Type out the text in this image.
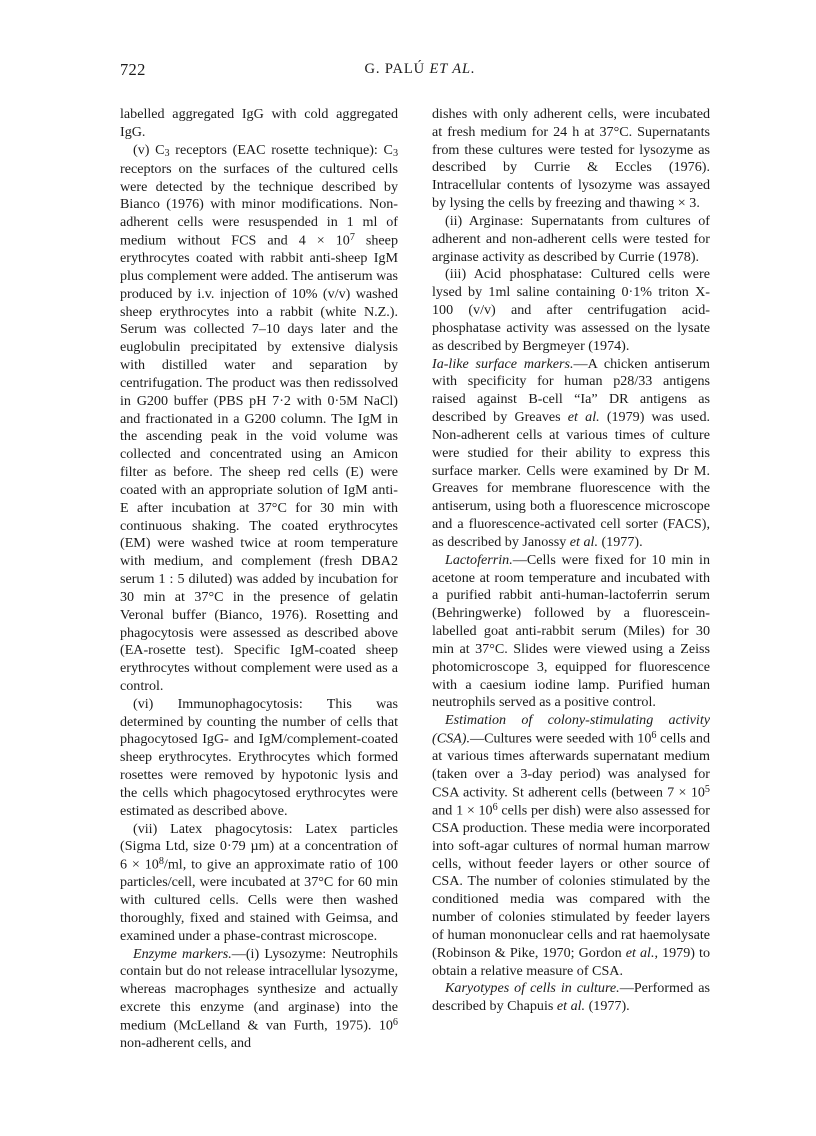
722	G. PALÚ ET AL.

labelled aggregated IgG with cold aggregated IgG.

(v) $C_3$ receptors (EAC rosette technique): $C_3$ receptors on the surfaces of the cultured cells were detected by the technique described by Bianco (1976) with minor modifications. Non-adherent cells were resuspended in 1 ml of medium without FCS and $4 \times 10^7$ sheep erythrocytes coated with rabbit anti-sheep IgM plus complement were added. The antiserum was produced by i.v. injection of 10% (v/v) washed sheep erythrocytes into a rabbit (white N.Z.). Serum was collected 7–10 days later and the euglobulin precipitated by extensive dialysis with distilled water and separation by centrifugation. The product was then redissolved in G200 buffer (PBS pH 7·2 with 0·5M NaCl) and fractionated in a G200 column. The IgM in the ascending peak in the void volume was collected and concentrated using an Amicon filter as before. The sheep red cells (E) were coated with an appropriate solution of IgM anti-E after incubation at 37°C for 30 min with continuous shaking. The coated erythrocytes (EM) were washed twice at room temperature with medium, and complement (fresh DBA2 serum 1 : 5 diluted) was added by incubation for 30 min at 37°C in the presence of gelatin Veronal buffer (Bianco, 1976). Rosetting and phagocytosis were assessed as described above (EA-rosette test). Specific IgM-coated sheep erythrocytes without complement were used as a control.

(vi) Immunophagocytosis: This was determined by counting the number of cells that phagocytosed IgG- and IgM/complement-coated sheep erythrocytes. Erythrocytes which formed rosettes were removed by hypotonic lysis and the cells which phagocytosed erythrocytes were estimated as described above.

(vii) Latex phagocytosis: Latex particles (Sigma Ltd, size 0·79 µm) at a concentration of $6 \times 10^8/ml$, to give an approximate ratio of 100 particles/cell, were incubated at 37°C for 60 min with cultured cells. Cells were then washed thoroughly, fixed and stained with Geimsa, and examined under a phase-contrast microscope.

Enzyme markers.—(i) Lysozyme: Neutrophils contain but do not release intracellular lysozyme, whereas macrophages synthesize and actually excrete this enzyme (and arginase) into the medium (McLelland & van Furth, 1975). $10^6$ non-adherent cells, and

dishes with only adherent cells, were incubated at fresh medium for 24 h at 37°C. Supernatants from these cultures were tested for lysozyme as described by Currie & Eccles (1976). Intracellular contents of lysozyme was assayed by lysing the cells by freezing and thawing × 3.

(ii) Arginase: Supernatants from cultures of adherent and non-adherent cells were tested for arginase activity as described by Currie (1978).

(iii) Acid phosphatase: Cultured cells were lysed by 1ml saline containing 0·1% triton X-100 (v/v) and after centrifugation acid-phosphatase activity was assessed on the lysate as described by Bergmeyer (1974).

Ia-like surface markers.—A chicken antiserum with specificity for human p28/33 antigens raised against B-cell “Ia” DR antigens as described by Greaves et al. (1979) was used. Non-adherent cells at various times of culture were studied for their ability to express this surface marker. Cells were examined by Dr M. Greaves for membrane fluorescence with the antiserum, using both a fluorescence microscope and a fluorescence-activated cell sorter (FACS), as described by Janossy et al. (1977).

Lactoferrin.—Cells were fixed for 10 min in acetone at room temperature and incubated with a purified rabbit anti-human-lactoferrin serum (Behringwerke) followed by a fluorescein-labelled goat anti-rabbit serum (Miles) for 30 min at 37°C. Slides were viewed using a Zeiss photomicroscope 3, equipped for fluorescence with a caesium iodine lamp. Purified human neutrophils served as a positive control.

Estimation of colony-stimulating activity (CSA).—Cultures were seeded with $10^6$ cells and at various times afterwards supernatant medium (taken over a 3-day period) was analysed for CSA activity. St adherent cells (between $7 \times 10^5$ and $1 \times 10^6$ cells per dish) were also assessed for CSA production. These media were incorporated into soft-agar cultures of normal human marrow cells, without feeder layers or other source of CSA. The number of colonies stimulated by the conditioned media was compared with the number of colonies stimulated by feeder layers of human mononuclear cells and rat haemolysate (Robinson & Pike, 1970; Gordon et al., 1979) to obtain a relative measure of CSA.

Karyotypes of cells in culture.—Performed as described by Chapuis et al. (1977).
